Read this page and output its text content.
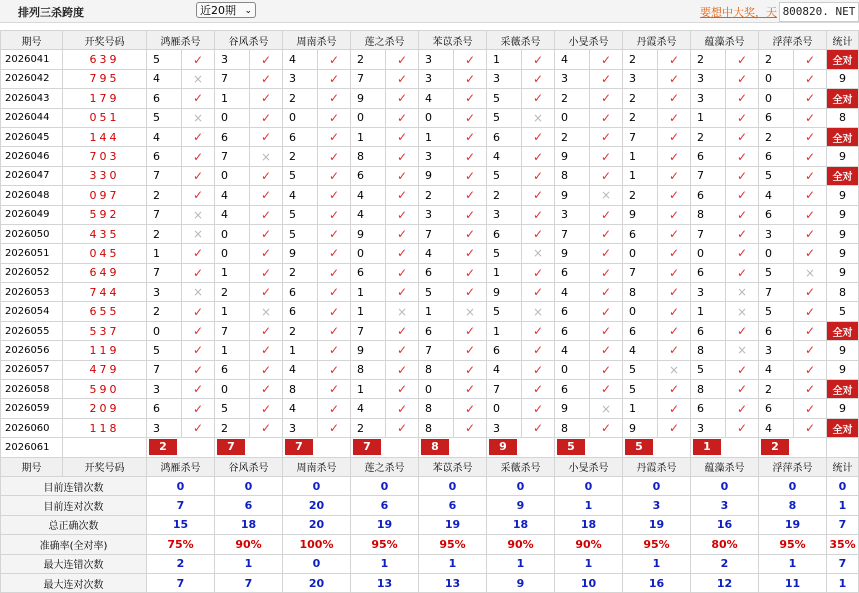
排列三杀跨度	近20期 ⌄	要想中大奖，天 800820. NET
期号	开奖号码	鸿雁杀号		谷风杀号		周南杀号		莲之杀号		苯苡杀号		采薇杀号		小旻杀号		丹霞杀号		蕴藻杀号		浮萍杀号		统计
2026041	639	5	✓	3	✓	4	✓	2	✓	3	✓	1	✓	4	✓	2	✓	2	✓	2	✓	全对
2026042	795	4	×	7	✓	3	✓	7	✓	3	✓	3	✓	3	✓	3	✓	3	✓	0	✓	9
2026043	179	6	✓	1	✓	2	✓	9	✓	4	✓	5	✓	2	✓	2	✓	3	✓	0	✓	全对
2026044	051	5	×	0	✓	0	✓	0	✓	0	✓	5	×	0	✓	2	✓	1	✓	6	✓	8
2026045	144	4	✓	6	✓	6	✓	1	✓	1	✓	6	✓	2	✓	7	✓	2	✓	2	✓	全对
2026046	703	6	✓	7	×	2	✓	8	✓	3	✓	4	✓	9	✓	1	✓	6	✓	6	✓	9
2026047	330	7	✓	0	✓	5	✓	6	✓	9	✓	5	✓	8	✓	1	✓	7	✓	5	✓	全对
2026048	097	2	✓	4	✓	4	✓	4	✓	2	✓	2	✓	9	×	2	✓	6	✓	4	✓	9
2026049	592	7	×	4	✓	5	✓	4	✓	3	✓	3	✓	3	✓	9	✓	8	✓	6	✓	9
2026050	435	2	×	0	✓	5	✓	9	✓	7	✓	6	✓	7	✓	6	✓	7	✓	3	✓	9
2026051	045	1	✓	0	✓	9	✓	0	✓	4	✓	5	×	9	✓	0	✓	0	✓	0	✓	9
2026052	649	7	✓	1	✓	2	✓	6	✓	6	✓	1	✓	6	✓	7	✓	6	✓	5	×	9
2026053	744	3	×	2	✓	6	✓	1	✓	5	✓	9	✓	4	✓	8	✓	3	×	7	✓	8
2026054	655	2	✓	1	×	6	✓	1	×	1	×	5	×	6	✓	0	✓	1	×	5	✓	5
2026055	537	0	✓	7	✓	2	✓	7	✓	6	✓	1	✓	6	✓	6	✓	6	✓	6	✓	全对
2026056	119	5	✓	1	✓	1	✓	9	✓	7	✓	6	✓	4	✓	4	✓	8	×	3	✓	9
2026057	479	7	✓	6	✓	4	✓	8	✓	8	✓	4	✓	0	✓	5	×	5	✓	4	✓	9
2026058	590	3	✓	0	✓	8	✓	1	✓	0	✓	7	✓	6	✓	5	✓	8	✓	2	✓	全对
2026059	209	6	✓	5	✓	4	✓	4	✓	8	✓	0	✓	9	×	1	✓	6	✓	6	✓	9
2026060	118	3	✓	2	✓	3	✓	2	✓	8	✓	3	✓	8	✓	9	✓	3	✓	4	✓	全对
2026061	当前期杀号	2		7		7		7		8		9		5		5		1		2		

期号	开奖号码	鸿雁杀号		谷风杀号		周南杀号		莲之杀号		苯苡杀号		采薇杀号		小旻杀号		丹霞杀号		蕴藻杀号		浮萍杀号		统计
目前连错次数		0		0		0		0		0		0		0		0		0		0		0
目前连对次数		7		6		20		6		6		9		1		3		3		8		1
总正确次数		15		18		20		19		19		18		18		19		16		19		7
准确率(全对率)		75%		90%		100%		95%		95%		90%		90%		95%		80%		95%		35%
最大连错次数		2		1		0		1		1		1		1		1		2		1		7
最大连对次数		7		7		20		13		13		9		10		16		12		11		1
